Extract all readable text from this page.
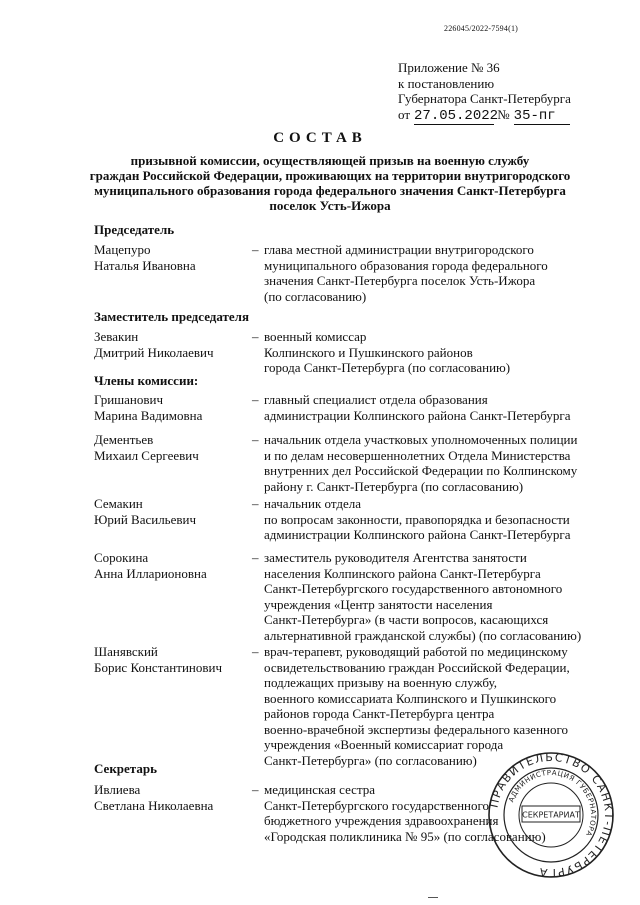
226045/2022-7594(1)
Приложение № 36
к постановлению
Губернатора Санкт-Петербурга
от 27.05.2022 № 35-пг
СОСТАВ
призывной комиссии, осуществляющей призыв на военную службу
граждан Российской Федерации, проживающих на территории внутригородского
муниципального образования города федерального значения Санкт-Петербурга
поселок Усть-Ижора
Председатель
Заместитель председателя
Члены комиссии:
Секретарь
Мацепуро
Наталья Ивановна
– глава местной администрации внутригородского
муниципального образования города федерального
значения Санкт-Петербурга поселок Усть-Ижора
(по согласованию)
Зевакин
Дмитрий Николаевич
– военный комиссар
Колпинского и Пушкинского районов
города Санкт-Петербурга (по согласованию)
Гришанович
Марина Вадимовна
– главный специалист отдела образования
администрации Колпинского района Санкт-Петербурга
Дементьев
Михаил Сергеевич
– начальник отдела участковых уполномоченных полиции
и по делам несовершеннолетних Отдела Министерства
внутренних дел Российской Федерации по Колпинскому
району г. Санкт-Петербурга (по согласованию)
Семакин
Юрий Васильевич
– начальник отдела
по вопросам законности, правопорядка и безопасности
администрации Колпинского района Санкт-Петербурга
Сорокина
Анна Илларионовна
– заместитель руководителя Агентства занятости
населения Колпинского района Санкт-Петербурга
Санкт-Петербургского государственного автономного
учреждения «Центр занятости населения
Санкт-Петербурга» (в части вопросов, касающихся
альтернативной гражданской службы) (по согласованию)
Шанявский
Борис Константинович
– врач-терапевт, руководящий работой по медицинскому
освидетельствованию граждан Российской Федерации,
подлежащих призыву на военную службу,
военного комиссариата Колпинского и Пушкинского
районов города Санкт-Петербурга центра
военно-врачебной экспертизы федерального казенного
учреждения «Военный комиссариат города
Санкт-Петербурга» (по согласованию)
Ивлиева
Светлана Николаевна
– медицинская сестра
Санкт-Петербургского государственного
бюджетного учреждения здравоохранения
«Городская поликлиника № 95» (по согласованию)
ПРАВИТЕЛЬСТВО САНКТ-ПЕТЕРБУРГА
АДМИНИСТРАЦИЯ ГУБЕРНАТОРА
СЕКРЕТАРИАТ
